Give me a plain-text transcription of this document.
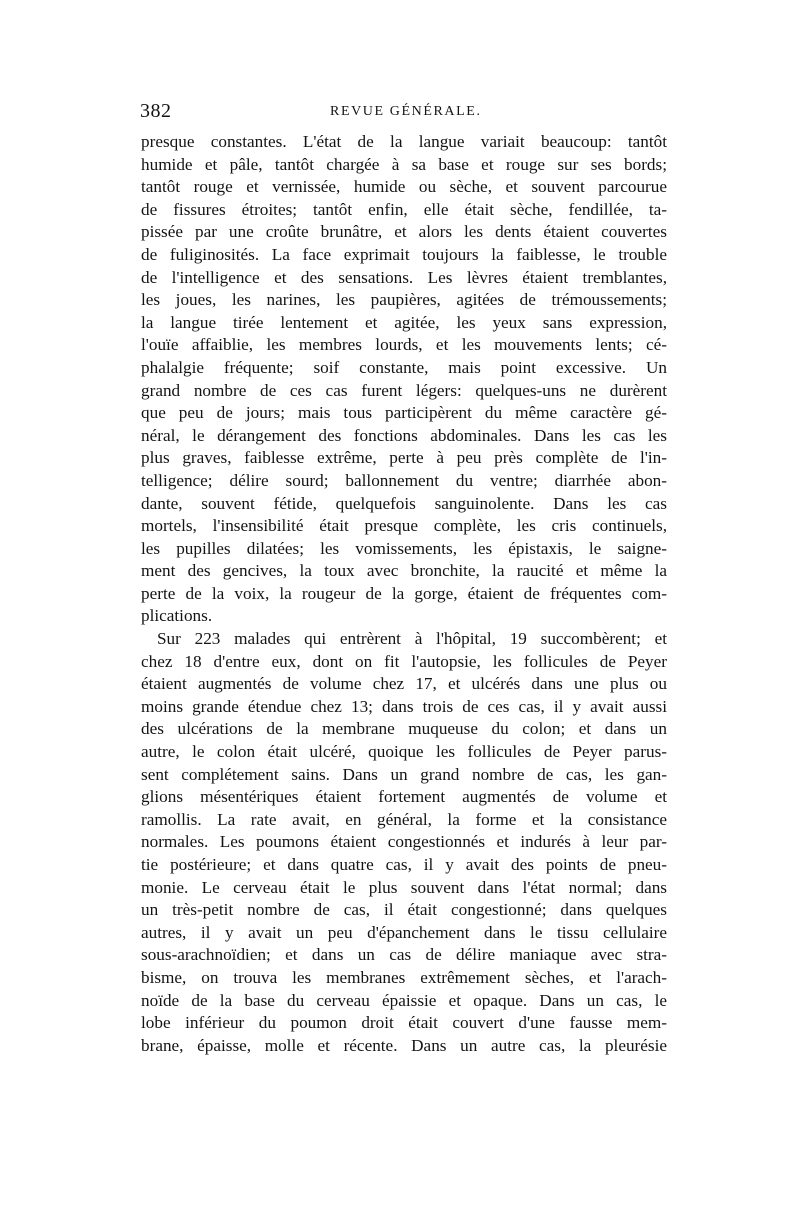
382	REVUE GÉNÉRALE.
presque constantes. L'état de la langue variait beaucoup: tantôt
humide et pâle, tantôt chargée à sa base et rouge sur ses bords;
tantôt rouge et vernissée, humide ou sèche, et souvent parcourue
de fissures étroites; tantôt enfin, elle était sèche, fendillée, ta-
pissée par une croûte brunâtre, et alors les dents étaient couvertes
de fuliginosités. La face exprimait toujours la faiblesse, le trouble
de l'intelligence et des sensations. Les lèvres étaient tremblantes,
les joues, les narines, les paupières, agitées de trémoussements;
la langue tirée lentement et agitée, les yeux sans expression,
l'ouïe affaiblie, les membres lourds, et les mouvements lents; cé-
phalalgie fréquente; soif constante, mais point excessive. Un
grand nombre de ces cas furent légers: quelques-uns ne durèrent
que peu de jours; mais tous participèrent du même caractère gé-
néral, le dérangement des fonctions abdominales. Dans les cas les
plus graves, faiblesse extrême, perte à peu près complète de l'in-
telligence; délire sourd; ballonnement du ventre; diarrhée abon-
dante, souvent fétide, quelquefois sanguinolente. Dans les cas
mortels, l'insensibilité était presque complète, les cris continuels,
les pupilles dilatées; les vomissements, les épistaxis, le saigne-
ment des gencives, la toux avec bronchite, la raucité et même la
perte de la voix, la rougeur de la gorge, étaient de fréquentes com-
plications.
Sur 223 malades qui entrèrent à l'hôpital, 19 succombèrent; et
chez 18 d'entre eux, dont on fit l'autopsie, les follicules de Peyer
étaient augmentés de volume chez 17, et ulcérés dans une plus ou
moins grande étendue chez 13; dans trois de ces cas, il y avait aussi
des ulcérations de la membrane muqueuse du colon; et dans un
autre, le colon était ulcéré, quoique les follicules de Peyer parus-
sent complétement sains. Dans un grand nombre de cas, les gan-
glions mésentériques étaient fortement augmentés de volume et
ramollis. La rate avait, en général, la forme et la consistance
normales. Les poumons étaient congestionnés et indurés à leur par-
tie postérieure; et dans quatre cas, il y avait des points de pneu-
monie. Le cerveau était le plus souvent dans l'état normal; dans
un très-petit nombre de cas, il était congestionné; dans quelques
autres, il y avait un peu d'épanchement dans le tissu cellulaire
sous-arachnoïdien; et dans un cas de délire maniaque avec stra-
bisme, on trouva les membranes extrêmement sèches, et l'arach-
noïde de la base du cerveau épaissie et opaque. Dans un cas, le
lobe inférieur du poumon droit était couvert d'une fausse mem-
brane, épaisse, molle et récente. Dans un autre cas, la pleurésie
